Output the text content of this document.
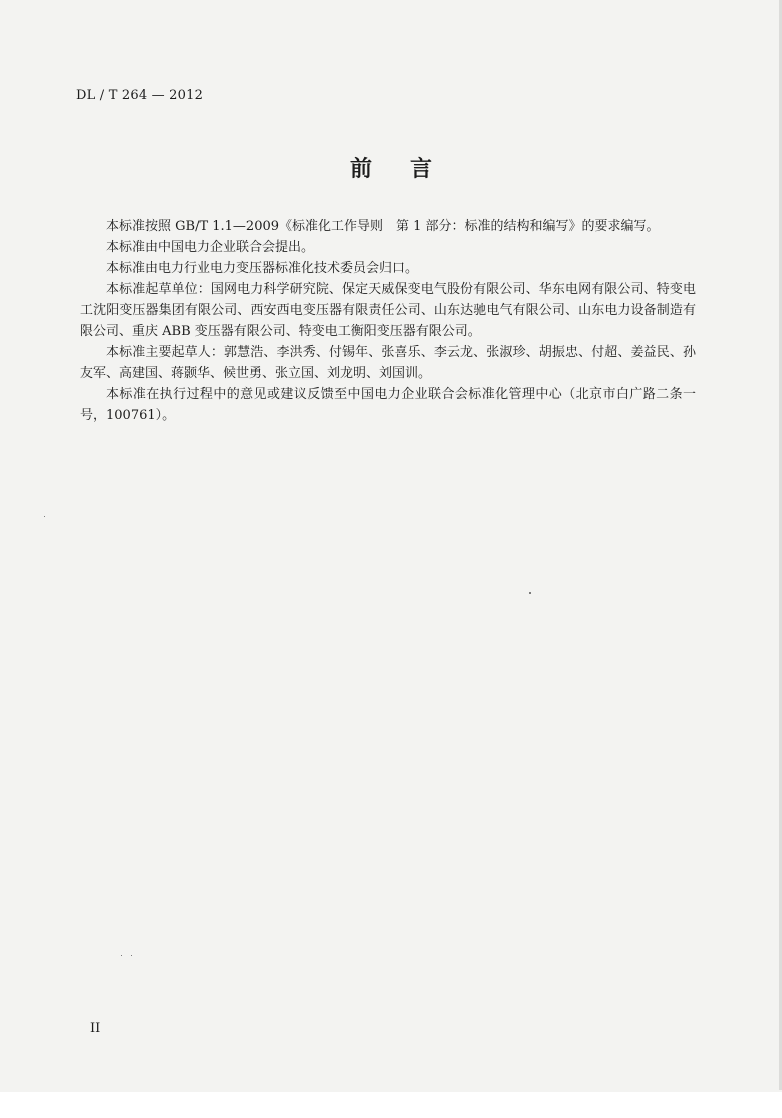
DL / T 264 — 2012
前言

本标准按照 GB/T 1.1—2009《标准化工作导则　第 1 部分：标准的结构和编写》的要求编写。

本标准由中国电力企业联合会提出。

本标准由电力行业电力变压器标准化技术委员会归口。

本标准起草单位：国网电力科学研究院、保定天威保变电气股份有限公司、华东电网有限公司、特变电工沈阳变压器集团有限公司、西安西电变压器有限责任公司、山东达驰电气有限公司、山东电力设备制造有限公司、重庆 ABB 变压器有限公司、特变电工衡阳变压器有限公司。

本标准主要起草人：郭慧浩、李洪秀、付锡年、张喜乐、李云龙、张淑珍、胡振忠、付超、姜益民、孙友军、高建国、蒋颢华、候世勇、张立国、刘龙明、刘国训。

本标准在执行过程中的意见或建议反馈至中国电力企业联合会标准化管理中心（北京市白广路二条一号，100761）。

II
